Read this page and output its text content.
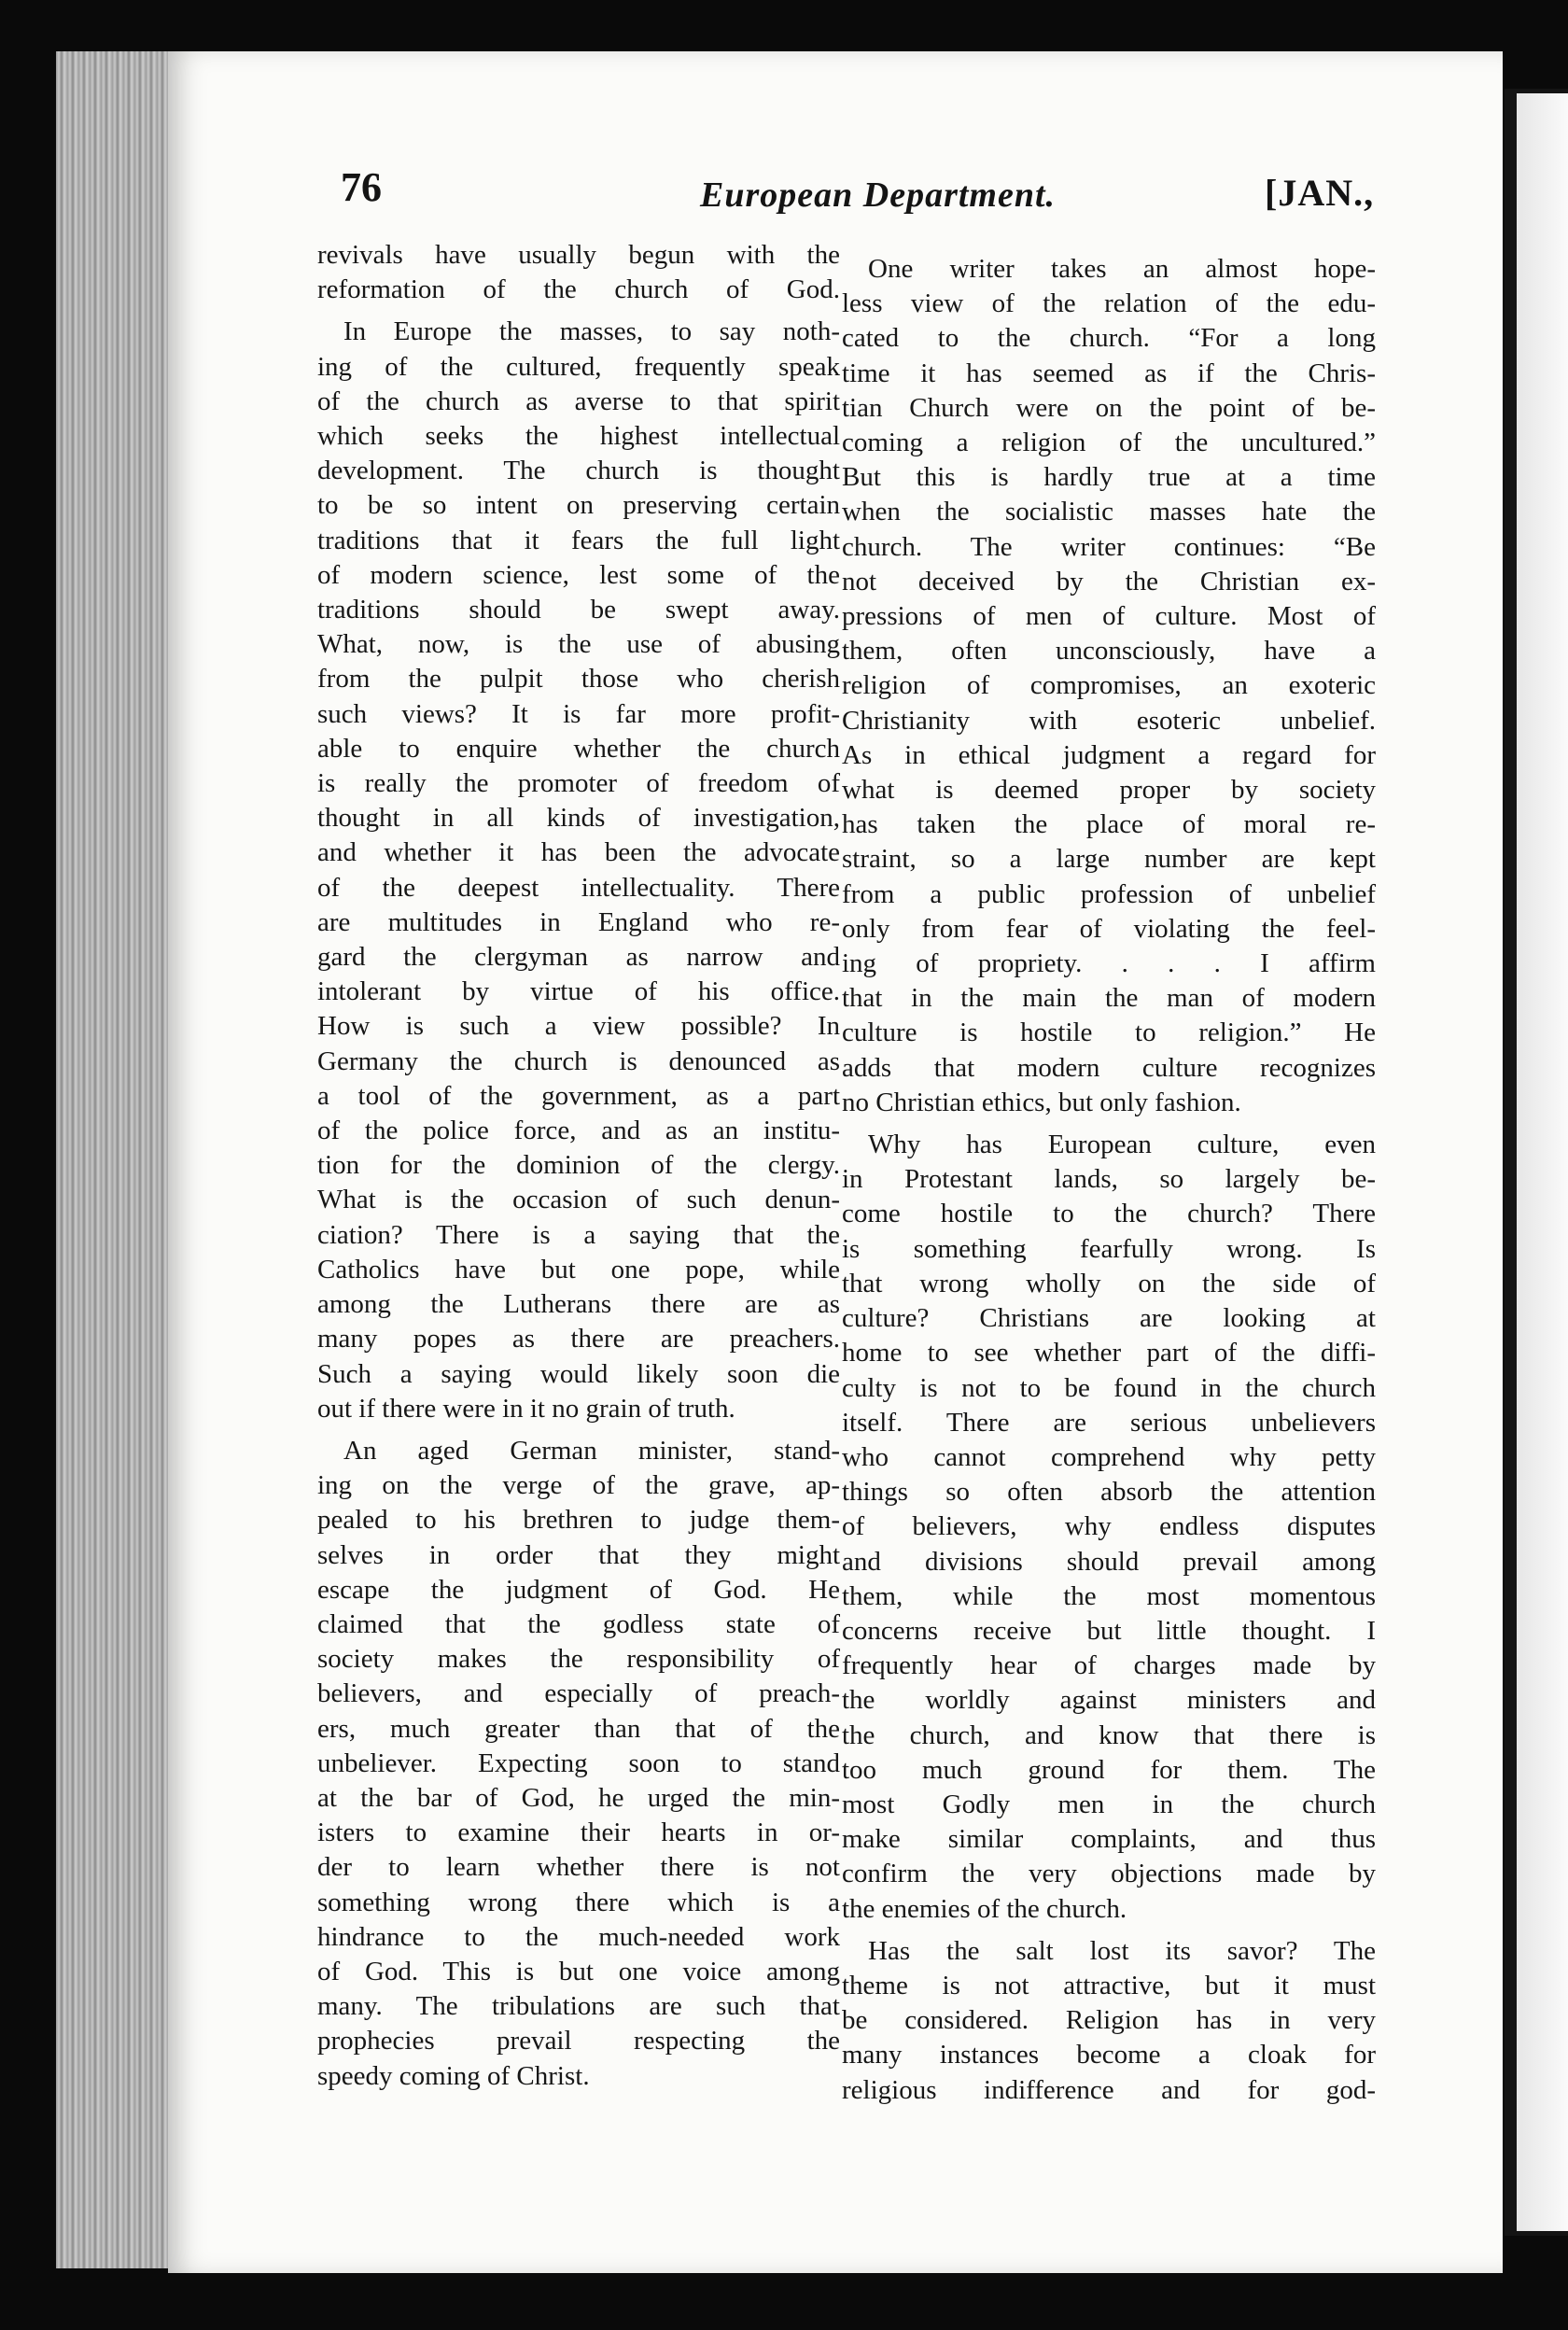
76	European Department.	[JAN.,
revivals have usually begun with the
reformation of the church of God.
In Europe the masses, to say noth-
ing of the cultured, frequently speak
of the church as averse to that spirit
which seeks the highest intellectual
development. The church is thought
to be so intent on preserving certain
traditions that it fears the full light
of modern science, lest some of the
traditions should be swept away.
What, now, is the use of abusing
from the pulpit those who cherish
such views? It is far more profit-
able to enquire whether the church
is really the promoter of freedom of
thought in all kinds of investigation,
and whether it has been the advocate
of the deepest intellectuality. There
are multitudes in England who re-
gard the clergyman as narrow and
intolerant by virtue of his office.
How is such a view possible? In
Germany the church is denounced as
a tool of the government, as a part
of the police force, and as an institu-
tion for the dominion of the clergy.
What is the occasion of such denun-
ciation? There is a saying that the
Catholics have but one pope, while
among the Lutherans there are as
many popes as there are preachers.
Such a saying would likely soon die
out if there were in it no grain of truth.
An aged German minister, stand-
ing on the verge of the grave, ap-
pealed to his brethren to judge them-
selves in order that they might
escape the judgment of God. He
claimed that the godless state of
society makes the responsibility of
believers, and especially of preach-
ers, much greater than that of the
unbeliever. Expecting soon to stand
at the bar of God, he urged the min-
isters to examine their hearts in or-
der to learn whether there is not
something wrong there which is a
hindrance to the much-needed work
of God. This is but one voice among
many. The tribulations are such that
prophecies prevail respecting the
speedy coming of Christ.
One writer takes an almost hope-
less view of the relation of the edu-
cated to the church. “For a long
time it has seemed as if the Chris-
tian Church were on the point of be-
coming a religion of the uncultured.”
But this is hardly true at a time
when the socialistic masses hate the
church. The writer continues: “Be
not deceived by the Christian ex-
pressions of men of culture. Most of
them, often unconsciously, have a
religion of compromises, an exoteric
Christianity with esoteric unbelief.
As in ethical judgment a regard for
what is deemed proper by society
has taken the place of moral re-
straint, so a large number are kept
from a public profession of unbelief
only from fear of violating the feel-
ing of propriety. . . . I affirm
that in the main the man of modern
culture is hostile to religion.” He
adds that modern culture recognizes
no Christian ethics, but only fashion.
Why has European culture, even
in Protestant lands, so largely be-
come hostile to the church? There
is something fearfully wrong. Is
that wrong wholly on the side of
culture? Christians are looking at
home to see whether part of the diffi-
culty is not to be found in the church
itself. There are serious unbelievers
who cannot comprehend why petty
things so often absorb the attention
of believers, why endless disputes
and divisions should prevail among
them, while the most momentous
concerns receive but little thought. I
frequently hear of charges made by
the worldly against ministers and
the church, and know that there is
too much ground for them. The
most Godly men in the church
make similar complaints, and thus
confirm the very objections made by
the enemies of the church.
Has the salt lost its savor? The
theme is not attractive, but it must
be considered. Religion has in very
many instances become a cloak for
religious indifference and for god-
